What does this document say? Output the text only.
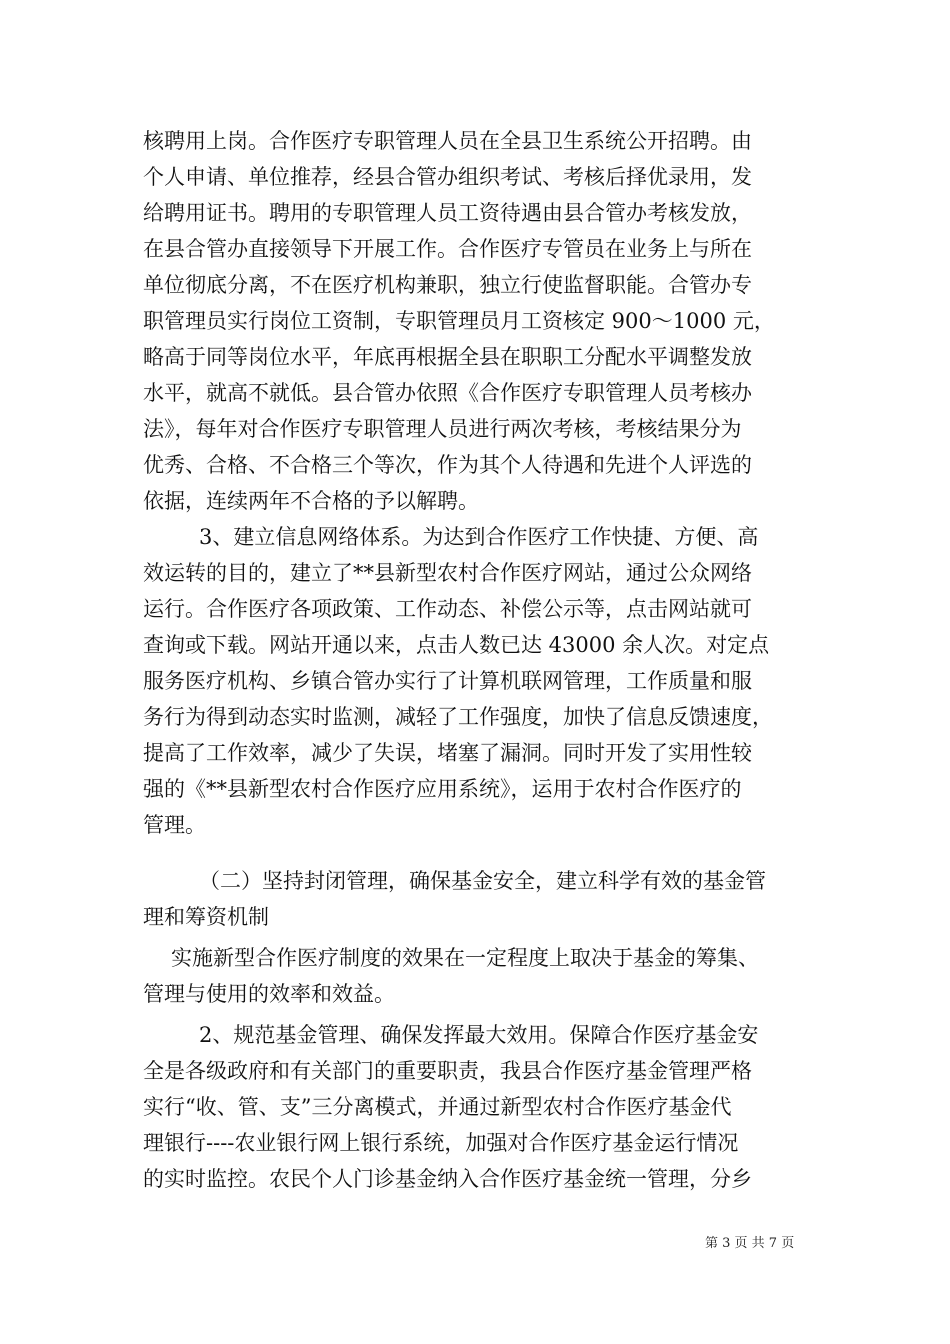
核聘用上岗。合作医疗专职管理人员在全县卫生系统公开招聘。由
个人申请、单位推荐，经县合管办组织考试、考核后择优录用，发
给聘用证书。聘用的专职管理人员工资待遇由县合管办考核发放，
在县合管办直接领导下开展工作。合作医疗专管员在业务上与所在
单位彻底分离，不在医疗机构兼职，独立行使监督职能。合管办专
职管理员实行岗位工资制，专职管理员月工资核定 900～1000 元，
略高于同等岗位水平，年底再根据全县在职职工分配水平调整发放
水平，就高不就低。县合管办依照《合作医疗专职管理人员考核办
法》，每年对合作医疗专职管理人员进行两次考核，考核结果分为
优秀、合格、不合格三个等次，作为其个人待遇和先进个人评选的
依据，连续两年不合格的予以解聘。
3、建立信息网络体系。为达到合作医疗工作快捷、方便、高
效运转的目的，建立了**县新型农村合作医疗网站，通过公众网络
运行。合作医疗各项政策、工作动态、补偿公示等，点击网站就可
查询或下载。网站开通以来，点击人数已达 43000 余人次。对定点
服务医疗机构、乡镇合管办实行了计算机联网管理，工作质量和服
务行为得到动态实时监测，减轻了工作强度，加快了信息反馈速度，
提高了工作效率，减少了失误，堵塞了漏洞。同时开发了实用性较
强的《**县新型农村合作医疗应用系统》，运用于农村合作医疗的
管理。
（二）坚持封闭管理，确保基金安全，建立科学有效的基金管
理和筹资机制
实施新型合作医疗制度的效果在一定程度上取决于基金的筹集、
管理与使用的效率和效益。
2、规范基金管理、确保发挥最大效用。保障合作医疗基金安
全是各级政府和有关部门的重要职责，我县合作医疗基金管理严格
实行“收、管、支”三分离模式，并通过新型农村合作医疗基金代
理银行----农业银行网上银行系统，加强对合作医疗基金运行情况
的实时监控。农民个人门诊基金纳入合作医疗基金统一管理，分乡
第 3 页 共 7 页
